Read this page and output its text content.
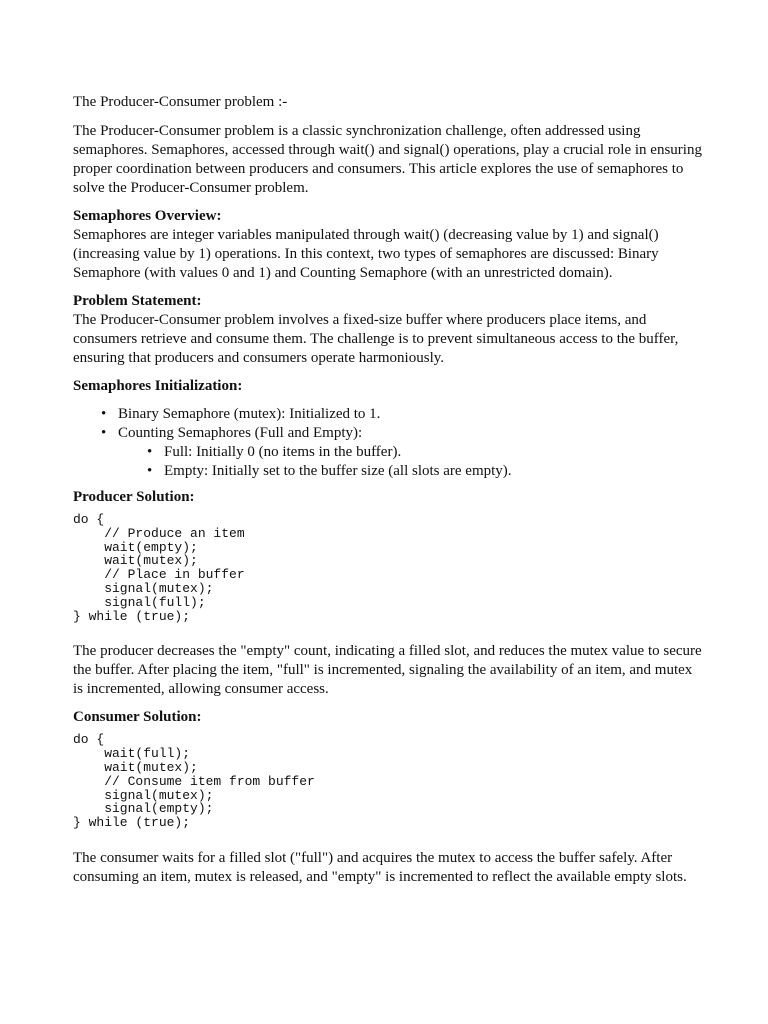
The Producer-Consumer problem :-

The Producer-Consumer problem is a classic synchronization challenge, often addressed using semaphores. Semaphores, accessed through wait() and signal() operations, play a crucial role in ensuring proper coordination between producers and consumers. This article explores the use of semaphores to solve the Producer-Consumer problem.

Semaphores Overview:
Semaphores are integer variables manipulated through wait() (decreasing value by 1) and signal() (increasing value by 1) operations. In this context, two types of semaphores are discussed: Binary Semaphore (with values 0 and 1) and Counting Semaphore (with an unrestricted domain).
Problem Statement:
The Producer-Consumer problem involves a fixed-size buffer where producers place items, and consumers retrieve and consume them. The challenge is to prevent simultaneous access to the buffer, ensuring that producers and consumers operate harmoniously.
Semaphores Initialization:
• Binary Semaphore (mutex): Initialized to 1.
• Counting Semaphores (Full and Empty):
• Full: Initially 0 (no items in the buffer).
• Empty: Initially set to the buffer size (all slots are empty).
Producer Solution:
do {
// Produce an item
wait(empty);
wait(mutex);
// Place in buffer
signal(mutex);
signal(full);
} while (true);

The producer decreases the "empty" count, indicating a filled slot, and reduces the mutex value to secure the buffer. After placing the item, "full" is incremented, signaling the availability of an item, and mutex is incremented, allowing consumer access.

Consumer Solution:
do {
wait(full);
wait(mutex);
// Consume item from buffer
signal(mutex);
signal(empty);
} while (true);

The consumer waits for a filled slot ("full") and acquires the mutex to access the buffer safely. After consuming an item, mutex is released, and "empty" is incremented to reflect the available empty slots.
